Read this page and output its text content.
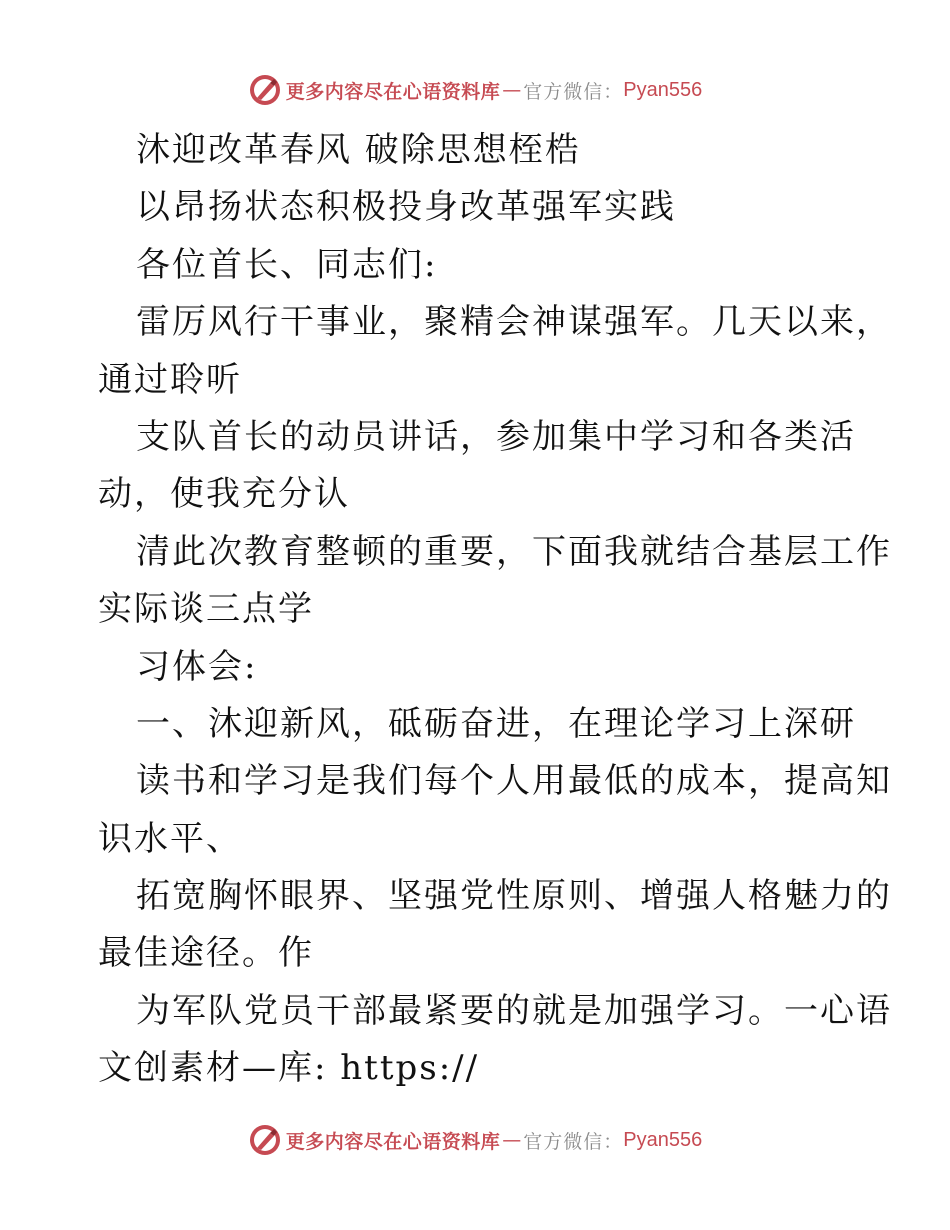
更多内容尽在心语资料库 — 官方微信： Pyan556
沐迎改革春风 破除思想桎梏
以昂扬状态积极投身改革强军实践
各位首长、同志们:
雷厉风行干事业，聚精会神谋强军。几天以来，
通过聆听
支队首长的动员讲话，参加集中学习和各类活
动，使我充分认
清此次教育整顿的重要，下面我就结合基层工作
实际谈三点学
习体会:
一、沐迎新风，砥砺奋进，在理论学习上深研
读书和学习是我们每个人用最低的成本，提高知
识水平、
拓宽胸怀眼界、坚强党性原则、增强人格魅力的
最佳途径。作
为军队党员干部最紧要的就是加强学习。一心语
文创素材—库: https://
更多内容尽在心语资料库 — 官方微信： Pyan556
